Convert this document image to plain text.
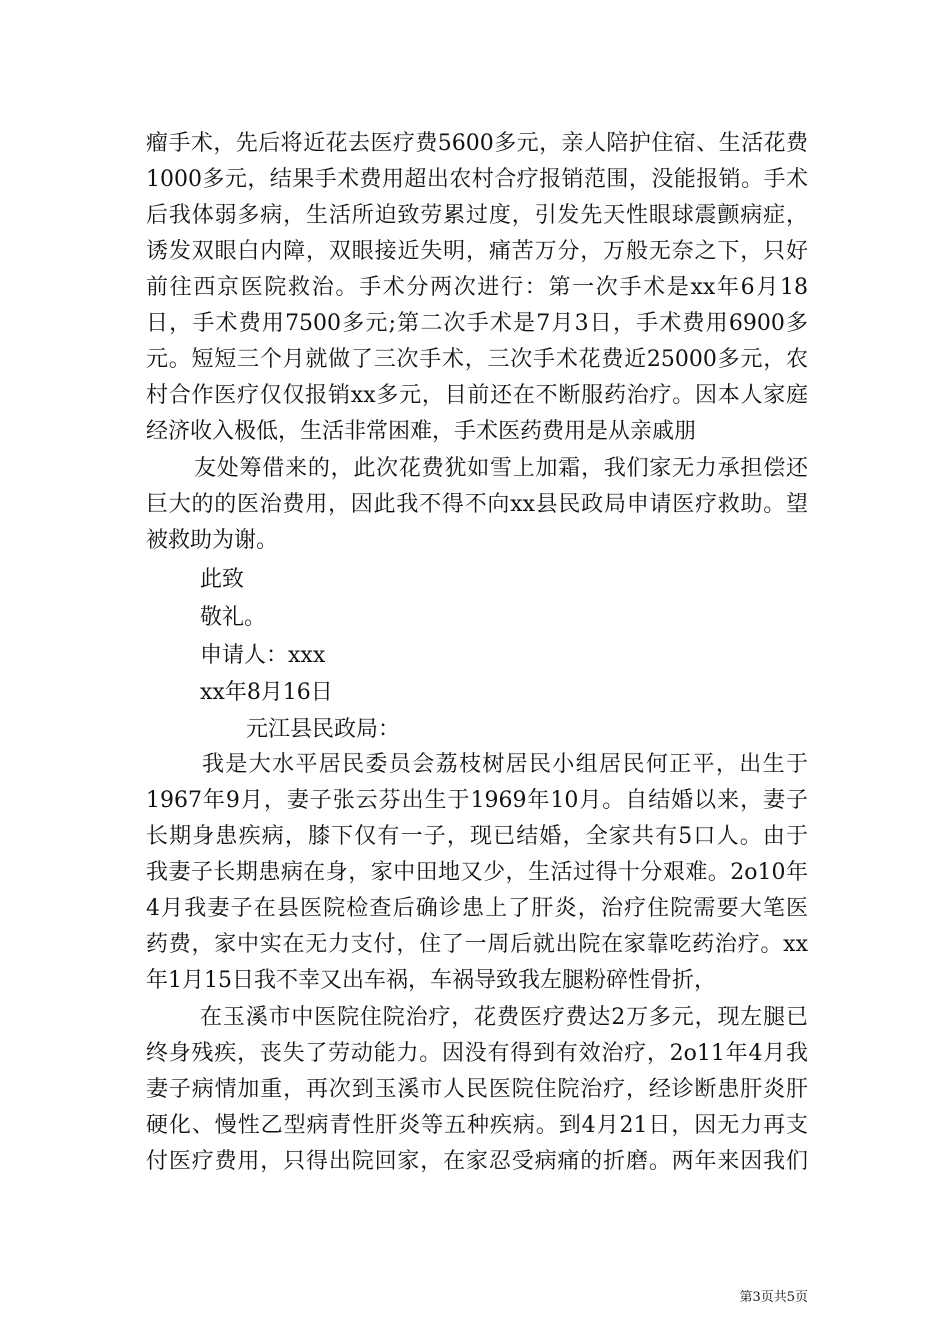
瘤手术，先后将近花去医疗费5600多元，亲人陪护住宿、生活花费
1000多元，结果手术费用超出农村合疗报销范围，没能报销。手术
后我体弱多病，生活所迫致劳累过度，引发先天性眼球震颤病症，
诱发双眼白内障，双眼接近失明，痛苦万分，万般无奈之下，只好
前往西京医院救治。手术分两次进行：第一次手术是xx年6月18
日，手术费用7500多元;第二次手术是7月3日，手术费用6900多
元。短短三个月就做了三次手术，三次手术花费近25000多元，农
村合作医疗仅仅报销xx多元，目前还在不断服药治疗。因本人家庭
经济收入极低，生活非常困难，手术医药费用是从亲戚朋
友处筹借来的，此次花费犹如雪上加霜，我们家无力承担偿还
巨大的的医治费用，因此我不得不向xx县民政局申请医疗救助。望
被救助为谢。
此致
敬礼。
申请人：xxx
xx年8月16日
元江县民政局：
我是大水平居民委员会荔枝树居民小组居民何正平，出生于
1967年9月，妻子张云芬出生于1969年10月。自结婚以来，妻子
长期身患疾病，膝下仅有一子，现已结婚，全家共有5口人。由于
我妻子长期患病在身，家中田地又少，生活过得十分艰难。2o10年
4月我妻子在县医院检查后确诊患上了肝炎，治疗住院需要大笔医
药费，家中实在无力支付，住了一周后就出院在家靠吃药治疗。xx
年1月15日我不幸又出车祸，车祸导致我左腿粉碎性骨折，
在玉溪市中医院住院治疗，花费医疗费达2万多元，现左腿已
终身残疾，丧失了劳动能力。因没有得到有效治疗，2o11年4月我
妻子病情加重，再次到玉溪市人民医院住院治疗，经诊断患肝炎肝
硬化、慢性乙型病青性肝炎等五种疾病。到4月21日，因无力再支
付医疗费用，只得出院回家，在家忍受病痛的折磨。两年来因我们
第3页共5页
